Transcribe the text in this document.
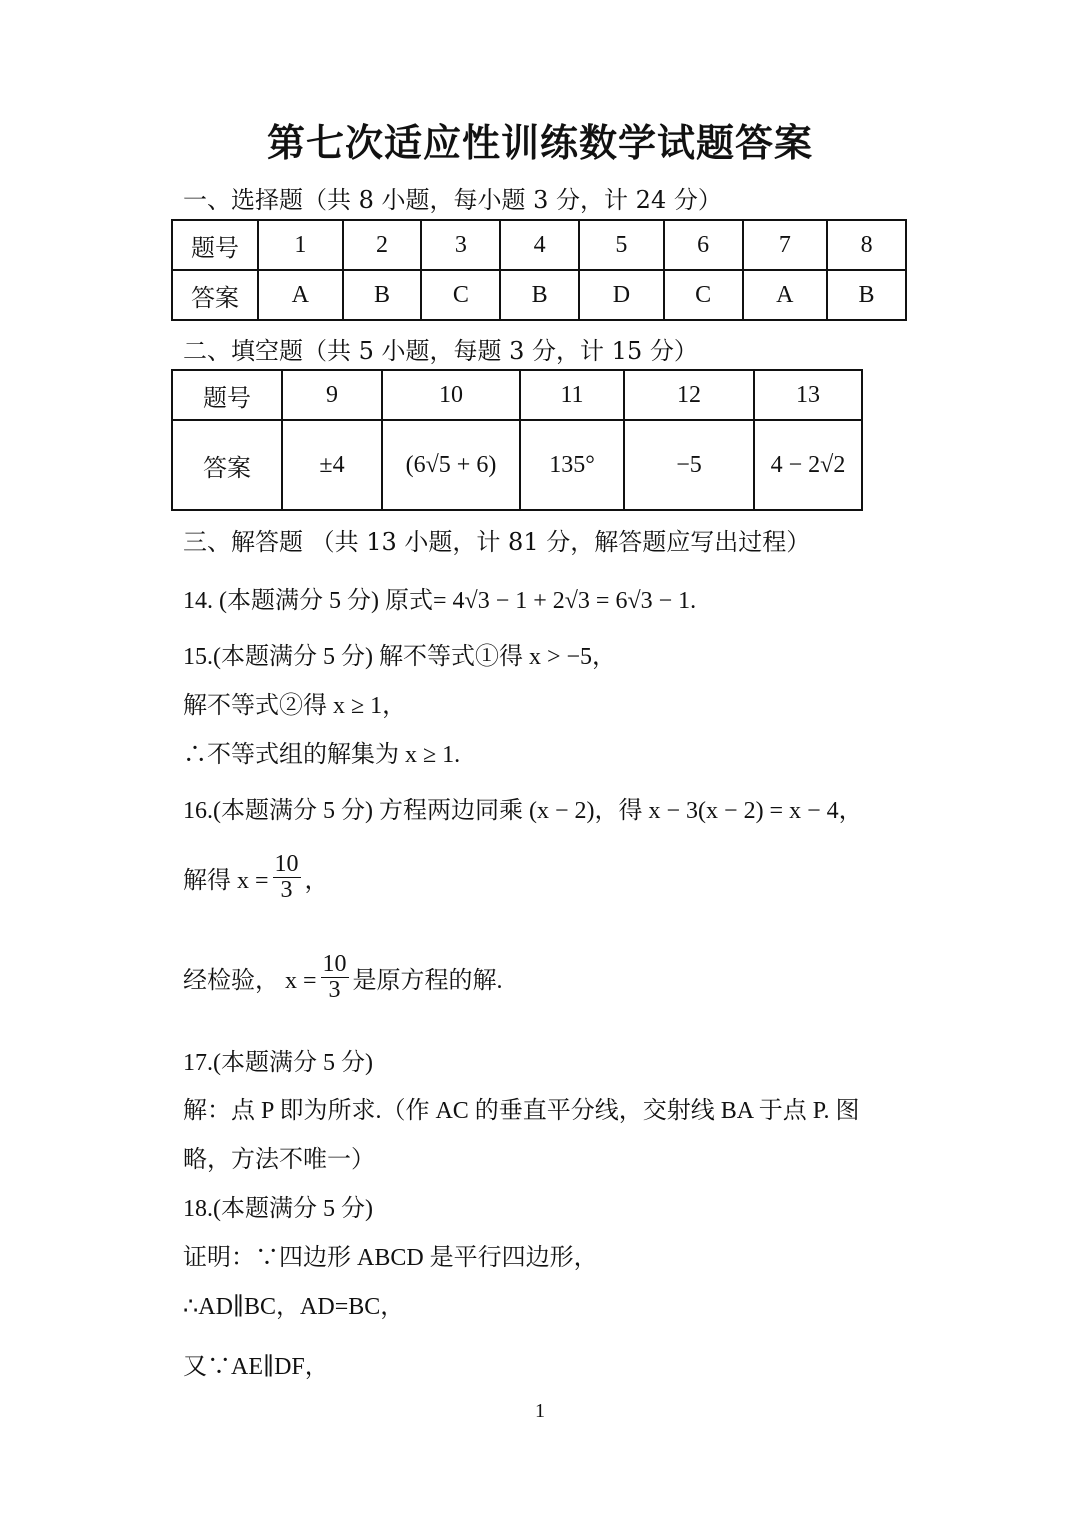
第七次适应性训练数学试题答案
一、选择题（共 8 小题，每小题 3 分，计 24 分）
题号	1	2	3	4	5	6	7	8
答案	A	B	C	B	D	C	A	B
二、填空题（共 5 小题，每题 3 分，计 15 分）
题号	9	10	11	12	13
答案	±4	(6√5 + 6)	135°	−5	4 − 2√2
三、解答题 （共 13 小题，计 81 分，解答题应写出过程）
14. (本题满分 5 分) 原式= 4√3 − 1 + 2√3 = 6√3 − 1.
15.(本题满分 5 分) 解不等式①得 x > −5，
解不等式②得 x ≥ 1，
∴不等式组的解集为 x ≥ 1.
16.(本题满分 5 分) 方程两边同乘 (x − 2)，得 x − 3(x − 2) = x − 4，
解得 $x = \frac{10}{3}$ ，
经检验， $x = \frac{10}{3}$ 是原方程的解.
17.(本题满分 5 分)
解：点 P 即为所求.（作 AC 的垂直平分线，交射线 BA 于点 P. 图
略，方法不唯一）
18.(本题满分 5 分)
证明：∵四边形 ABCD 是平行四边形，
∴AD∥BC，AD=BC，
又∵AE∥DF，
1
